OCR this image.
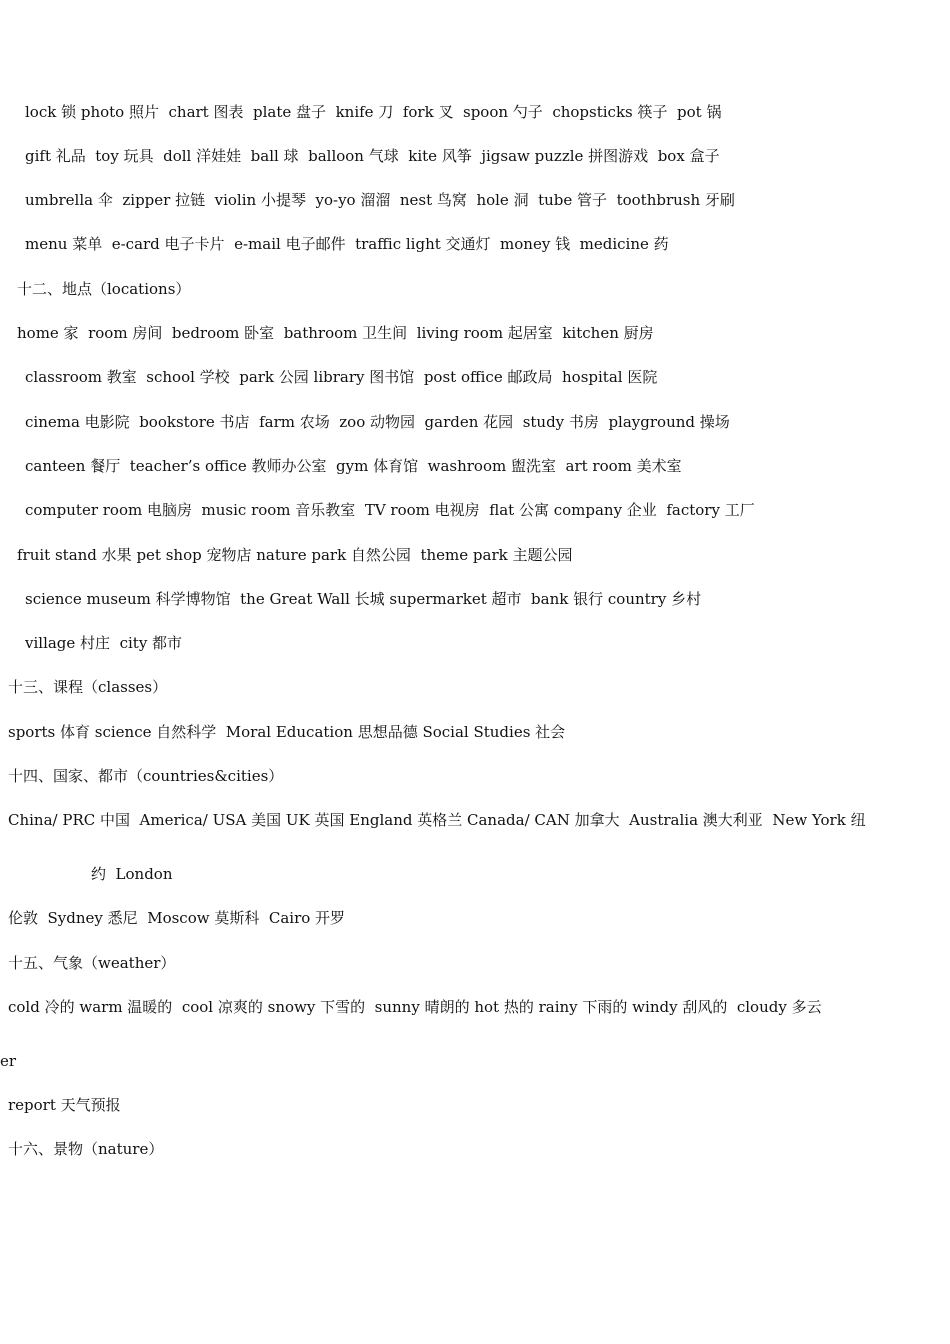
lock 锁 photo 照片  chart 图表  plate 盘子  knife 刀  fork 叉  spoon 勺子  chopsticks 筷子  pot 锅
gift 礼品  toy 玩具  doll 洋娃娃  ball 球  balloon 气球  kite 风筝  jigsaw puzzle 拼图游戏  box 盒子
umbrella 伞  zipper 拉链  violin 小提琴  yo-yo 溜溜  nest 鸟窝  hole 洞  tube 管子  toothbrush 牙刷
menu 菜单  e-card 电子卡片  e-mail 电子邮件  traffic light 交通灯  money 钱  medicine 药
十二、地点（locations）
home 家  room 房间  bedroom 卧室  bathroom 卫生间  living room 起居室  kitchen 厨房
classroom 教室  school 学校  park 公园 library 图书馆  post office 邮政局  hospital 医院
cinema 电影院  bookstore 书店  farm 农场  zoo 动物园  garden 花园  study 书房  playground 操场
canteen 餐厅  teacher’s office 教师办公室  gym 体育馆  washroom 盥洗室  art room 美术室
computer room 电脑房  music room 音乐教室  TV room 电视房  flat 公寓 company 企业  factory 工厂
fruit stand 水果 pet shop 宠物店 nature park 自然公园  theme park 主题公园
science museum 科学博物馆  the Great Wall 长城 supermarket 超市  bank 银行 country 乡村
village 村庄  city 都市
十三、课程（classes）
sports 体育 science 自然科学  Moral Education 思想品德 Social Studies 社会
十四、国家、都市（countries&cities）
China/ PRC 中国  America/ USA 美国 UK 英国 England 英格兰 Canada/ CAN 加拿大  Australia 澳大利亚  New York 纽
约  London
伦敦  Sydney 悉尼  Moscow 莫斯科  Cairo 开罗
十五、气象（weather）
cold 冷的 warm 温暖的  cool 凉爽的 snowy 下雪的  sunny 晴朗的 hot 热的 rainy 下雨的 windy 刮风的  cloudy 多云
er
report 天气预报
十六、景物（nature）
